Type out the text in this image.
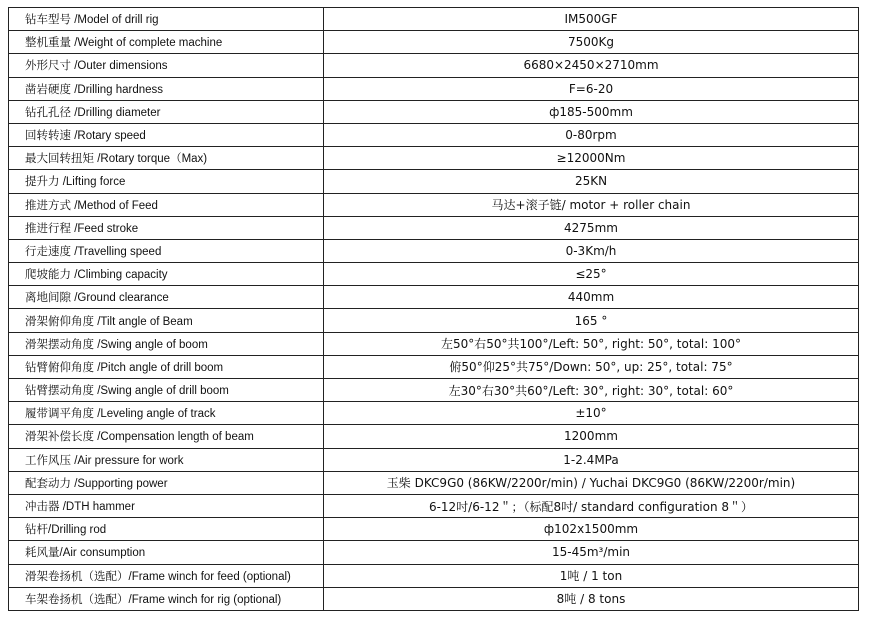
钻车型号 /Model of drill rig	IM500GF
整机重量 /Weight of complete machine	7500Kg
外形尺寸 /Outer dimensions	6680×2450×2710mm
凿岩硬度 /Drilling hardness	F=6-20
钻孔孔径 /Drilling diameter	ф185-500mm
回转转速 /Rotary speed	0-80rpm
最大回转扭矩 /Rotary torque（Max)	≥12000Nm
提升力 /Lifting force	25KN
推进方式 /Method of Feed	马达+滚子链/ motor + roller chain
推进行程 /Feed stroke	4275mm
行走速度 /Travelling speed	0-3Km/h
爬坡能力 /Climbing capacity	≤25°
离地间隙 /Ground clearance	440mm
滑架俯仰角度 /Tilt angle of Beam	165 °
滑架摆动角度 /Swing angle of boom	左50°右50°共100°/Left: 50°, right: 50°, total: 100°
钻臂俯仰角度 /Pitch angle of drill boom	俯50°仰25°共75°/Down: 50°, up: 25°, total: 75°
钻臂摆动角度 /Swing angle of drill boom	左30°右30°共60°/Left: 30°, right: 30°, total: 60°
履带调平角度 /Leveling angle of track	±10°
滑架补偿长度 /Compensation length of beam	1200mm
工作风压 /Air pressure for work	1-2.4MPa
配套动力 /Supporting power	玉柴 DKC9G0 (86KW/2200r/min) / Yuchai DKC9G0 (86KW/2200r/min)
冲击器 /DTH hammer	6-12吋/6-12＂；（标配8吋/ standard configuration 8＂）
钻杆/Drilling rod	ф102x1500mm
耗风量/Air consumption	15-45m³/min
滑架卷扬机（选配）/Frame winch for feed (optional)	1吨 / 1 ton
车架卷扬机（选配）/Frame winch for rig (optional)	8吨 / 8 tons
